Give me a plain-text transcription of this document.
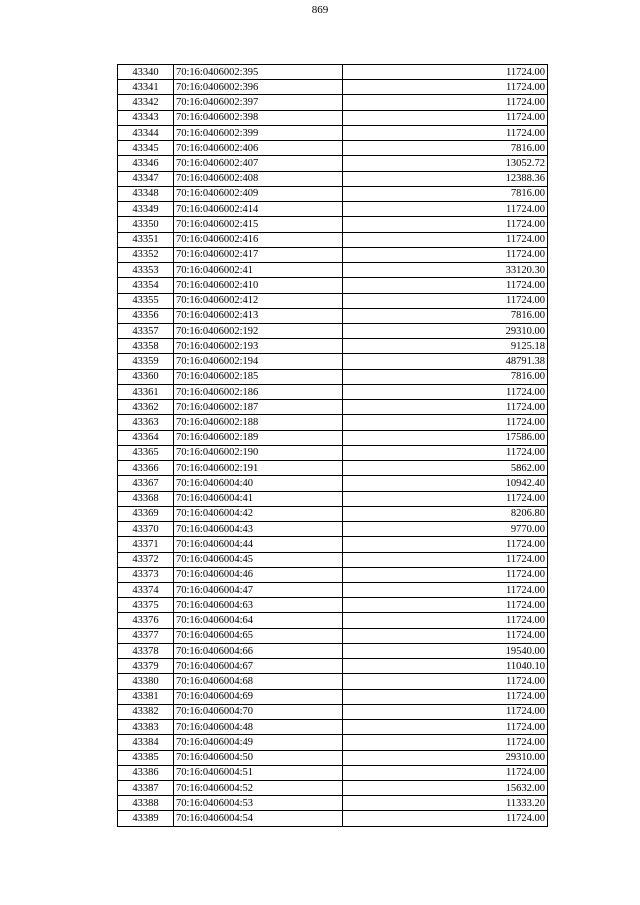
869
43340	70:16:0406002:395	11724.00
43341	70:16:0406002:396	11724.00
43342	70:16:0406002:397	11724.00
43343	70:16:0406002:398	11724.00
43344	70:16:0406002:399	11724.00
43345	70:16:0406002:406	7816.00
43346	70:16:0406002:407	13052.72
43347	70:16:0406002:408	12388.36
43348	70:16:0406002:409	7816.00
43349	70:16:0406002:414	11724.00
43350	70:16:0406002:415	11724.00
43351	70:16:0406002:416	11724.00
43352	70:16:0406002:417	11724.00
43353	70:16:0406002:41	33120.30
43354	70:16:0406002:410	11724.00
43355	70:16:0406002:412	11724.00
43356	70:16:0406002:413	7816.00
43357	70:16:0406002:192	29310.00
43358	70:16:0406002:193	9125.18
43359	70:16:0406002:194	48791.38
43360	70:16:0406002:185	7816.00
43361	70:16:0406002:186	11724.00
43362	70:16:0406002:187	11724.00
43363	70:16:0406002:188	11724.00
43364	70:16:0406002:189	17586.00
43365	70:16:0406002:190	11724.00
43366	70:16:0406002:191	5862.00
43367	70:16:0406004:40	10942.40
43368	70:16:0406004:41	11724.00
43369	70:16:0406004:42	8206.80
43370	70:16:0406004:43	9770.00
43371	70:16:0406004:44	11724.00
43372	70:16:0406004:45	11724.00
43373	70:16:0406004:46	11724.00
43374	70:16:0406004:47	11724.00
43375	70:16:0406004:63	11724.00
43376	70:16:0406004:64	11724.00
43377	70:16:0406004:65	11724.00
43378	70:16:0406004:66	19540.00
43379	70:16:0406004:67	11040.10
43380	70:16:0406004:68	11724.00
43381	70:16:0406004:69	11724.00
43382	70:16:0406004:70	11724.00
43383	70:16:0406004:48	11724.00
43384	70:16:0406004:49	11724.00
43385	70:16:0406004:50	29310.00
43386	70:16:0406004:51	11724.00
43387	70:16:0406004:52	15632.00
43388	70:16:0406004:53	11333.20
43389	70:16:0406004:54	11724.00
